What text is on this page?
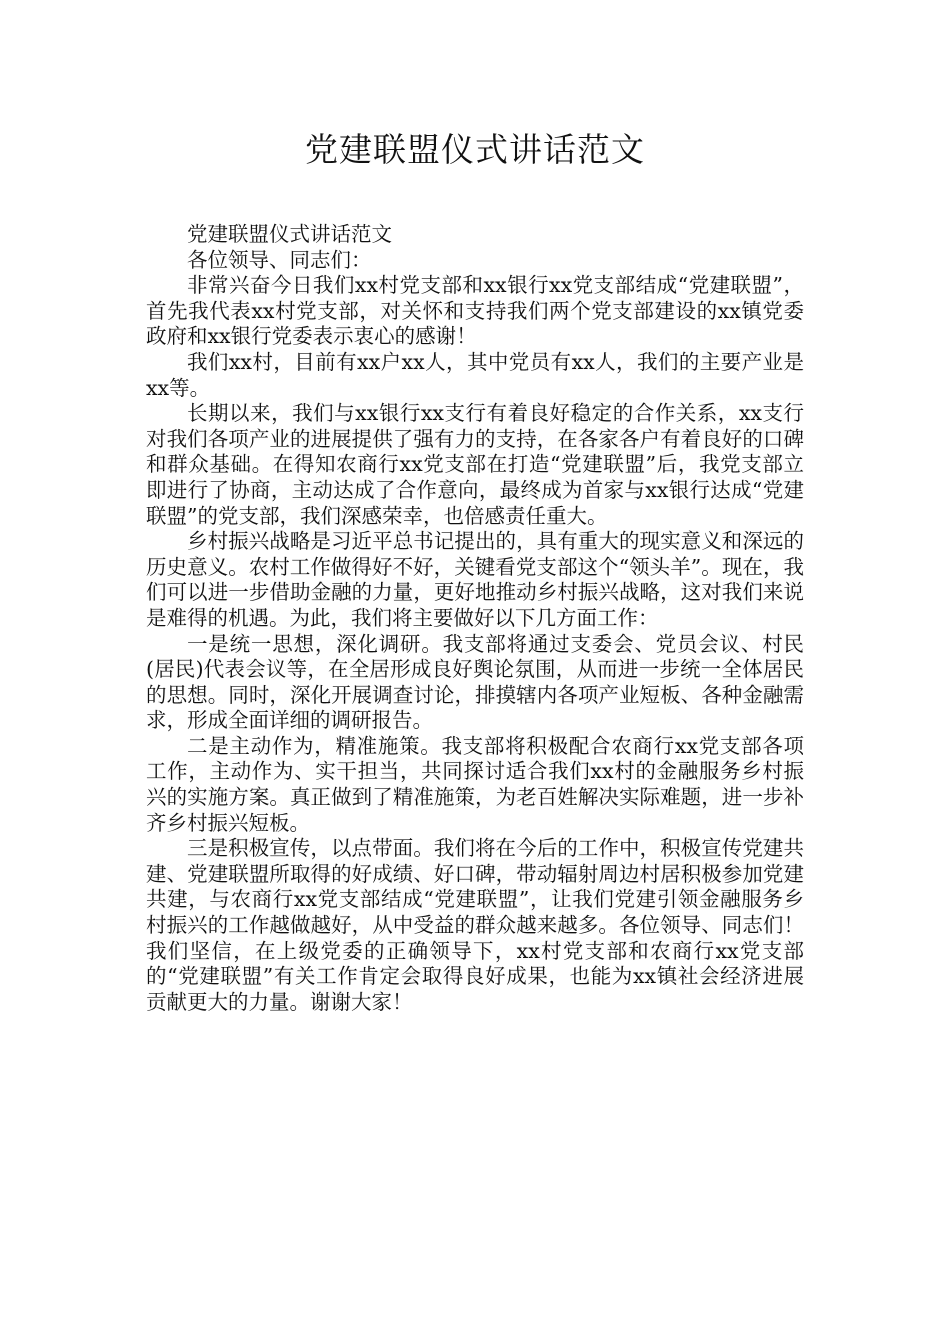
党建联盟仪式讲话范文

党建联盟仪式讲话范文

各位领导、同志们：

非常兴奋今日我们xx村党支部和xx银行xx党支部结成“党建联盟”，首先我代表xx村党支部，对关怀和支持我们两个党支部建设的xx镇党委政府和xx银行党委表示衷心的感谢！

我们xx村，目前有xx户xx人，其中党员有xx人，我们的主要产业是xx等。

长期以来，我们与xx银行xx支行有着良好稳定的合作关系，xx支行对我们各项产业的进展提供了强有力的支持，在各家各户有着良好的口碑和群众基础。在得知农商行xx党支部在打造“党建联盟”后，我党支部立即进行了协商，主动达成了合作意向，最终成为首家与xx银行达成“党建联盟”的党支部，我们深感荣幸，也倍感责任重大。

乡村振兴战略是习近平总书记提出的，具有重大的现实意义和深远的历史意义。农村工作做得好不好，关键看党支部这个“领头羊”。现在，我们可以进一步借助金融的力量，更好地推动乡村振兴战略，这对我们来说是难得的机遇。为此，我们将主要做好以下几方面工作：

一是统一思想，深化调研。我支部将通过支委会、党员会议、村民(居民)代表会议等，在全居形成良好舆论氛围，从而进一步统一全体居民的思想。同时，深化开展调查讨论，排摸辖内各项产业短板、各种金融需求，形成全面详细的调研报告。

二是主动作为，精准施策。我支部将积极配合农商行xx党支部各项工作，主动作为、实干担当，共同探讨适合我们xx村的金融服务乡村振兴的实施方案。真正做到了精准施策，为老百姓解决实际难题，进一步补齐乡村振兴短板。

三是积极宣传，以点带面。我们将在今后的工作中，积极宣传党建共建、党建联盟所取得的好成绩、好口碑，带动辐射周边村居积极参加党建共建，与农商行xx党支部结成“党建联盟”，让我们党建引领金融服务乡村振兴的工作越做越好，从中受益的群众越来越多。各位领导、同志们！我们坚信，在上级党委的正确领导下，xx村党支部和农商行xx党支部的“党建联盟”有关工作肯定会取得良好成果，也能为xx镇社会经济进展贡献更大的力量。谢谢大家！
